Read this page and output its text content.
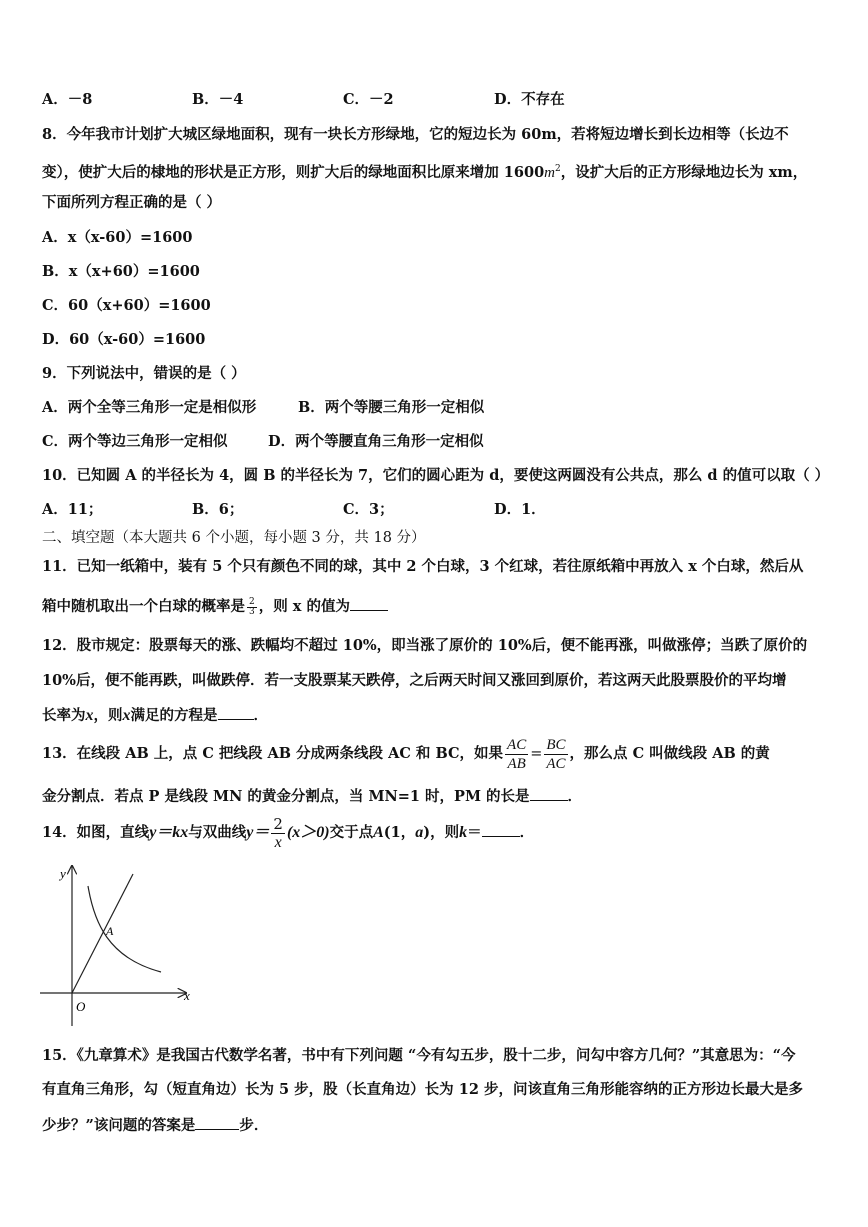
A．－8	B．－4	C．－2	D．不存在
8．今年我市计划扩大城区绿地面积，现有一块长方形绿地，它的短边长为 60m，若将短边增长到长边相等（长边不
变），使扩大后的棣地的形状是正方形，则扩大后的绿地面积比原来增加 $1600m^2$，设扩大后的正方形绿地边长为 xm，
下面所列方程正确的是（ ）
A．x（x-60）=1600
B．x（x+60）=1600
C．60（x+60）=1600
D．60（x-60）=1600
9．下列说法中，错误的是（ ）
A．两个全等三角形一定是相似形	B．两个等腰三角形一定相似
C．两个等边三角形一定相似	D．两个等腰直角三角形一定相似
10．已知圆 A 的半径长为 4，圆 B 的半径长为 7，它们的圆心距为 d，要使这两圆没有公共点，那么 d 的值可以取（ ）
A．11；	B．6；	C．3；	D．1．
二、填空题（本大题共 6 个小题，每小题 3 分，共 18 分）
11．已知一纸箱中，装有 5 个只有颜色不同的球，其中 2 个白球，3 个红球，若往原纸箱中再放入 x 个白球，然后从
箱中随机取出一个白球的概率是 $\frac{2}{3}$ ，则 x 的值为
12．股市规定：股票每天的涨、跌幅均不超过 10%，即当涨了原价的 10%后，便不能再涨，叫做涨停；当跌了原价的
10%后，便不能再跌，叫做跌停．若一支股票某天跌停，之后两天时间又涨回到原价，若这两天此股票股价的平均增
长率为x，则x满足的方程是 ．
13．在线段 AB 上，点 C 把线段 AB 分成两条线段 AC 和 BC，如果 $\frac{AC}{AB} = \frac{BC}{AC}$ ，那么点 C 叫做线段 AB 的黄
金分割点．若点 P 是线段 MN 的黄金分割点，当 MN=1 时，PM 的长是	．
14．如图，直线y＝kx与双曲线$y= \frac{2}{x} (x>0)$交于点A(1，a)，则k＝	．
y
x
O
A
15．《九章算术》是我国古代数学名著，书中有下列问题 “今有勾五步，股十二步，问勾中容方几何？”其意思为：“今
有直角三角形，勾（短直角边）长为 5 步，股（长直角边）长为 12 步，问该直角三角形能容纳的正方形边长最大是多
少步？”该问题的答案是	步．
